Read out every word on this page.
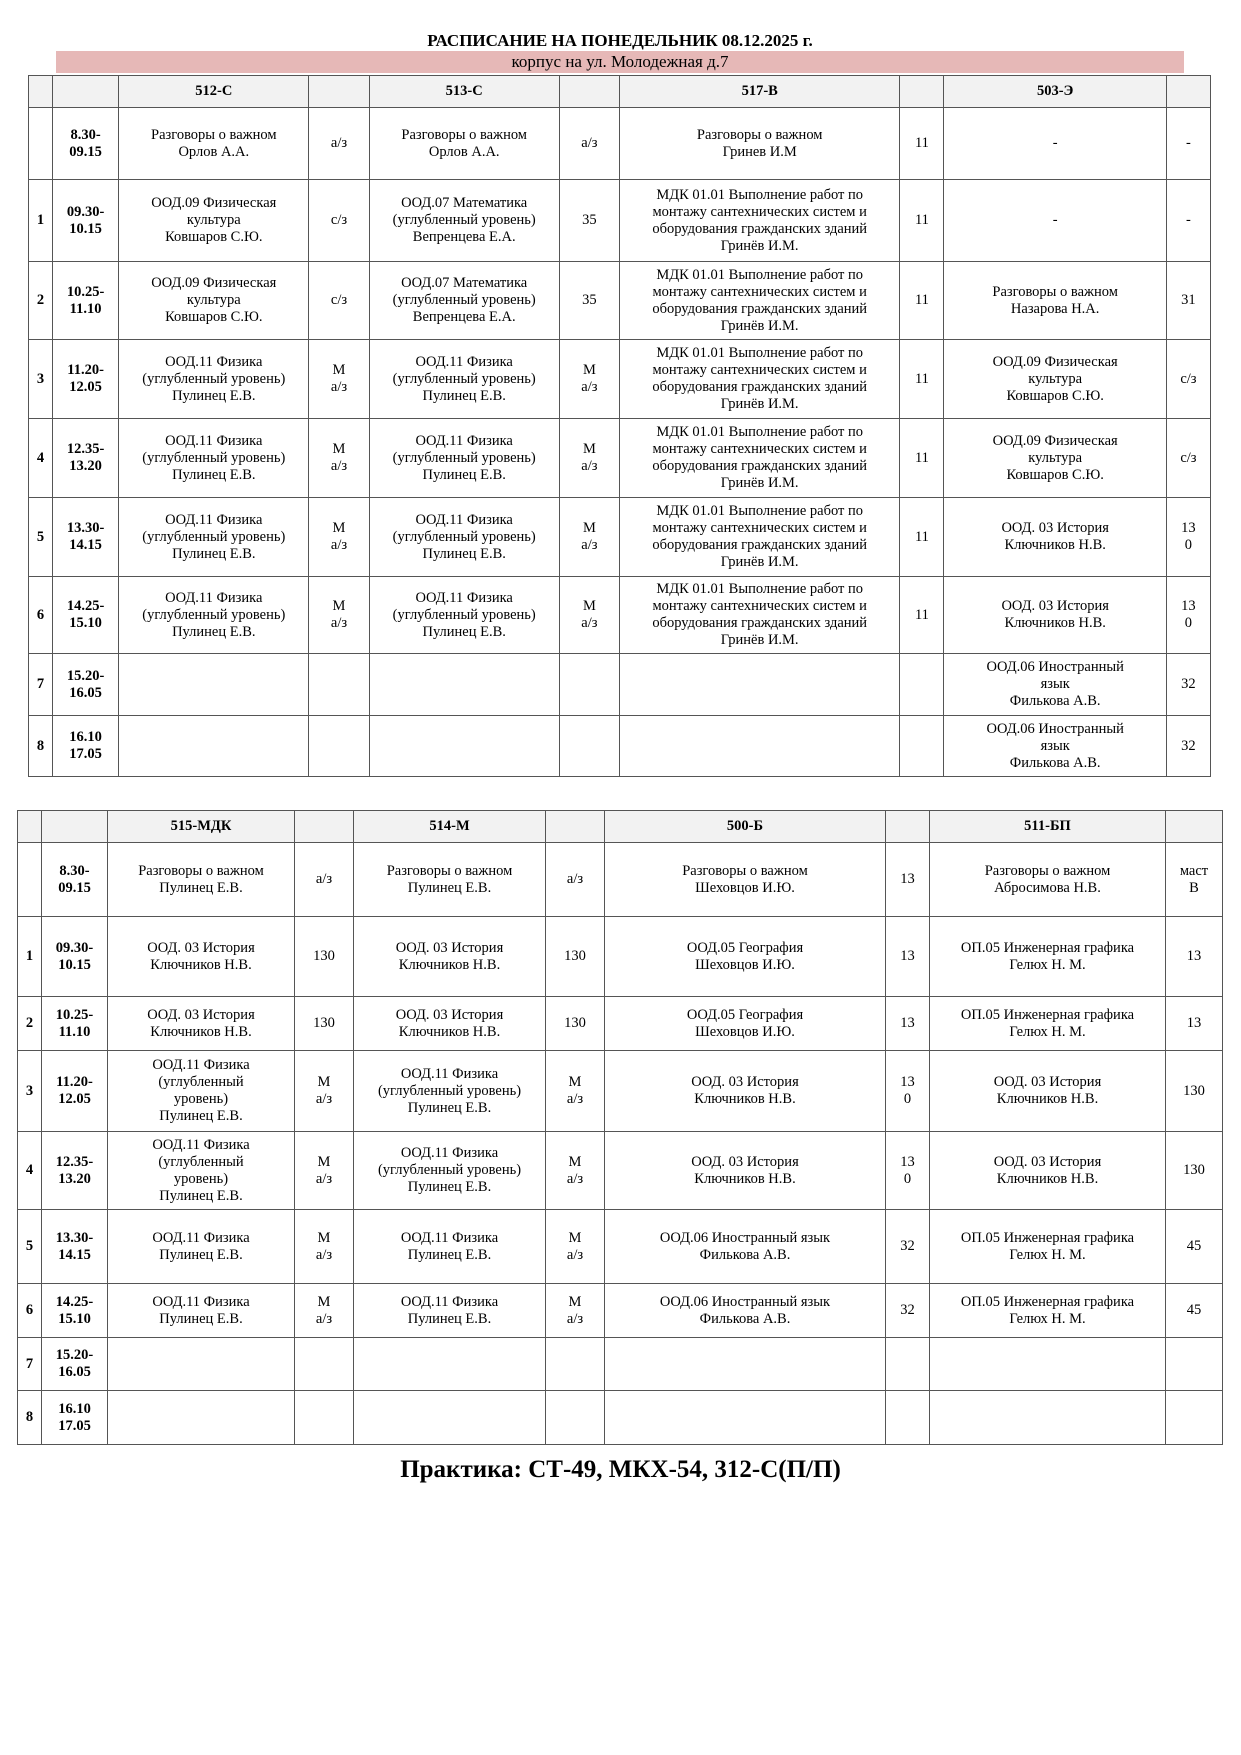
РАСПИСАНИЕ НА ПОНЕДЕЛЬНИК 08.12.2025 г.
корпус на ул. Молодежная д.7
		512-С		513-С		517-В		503-Э	
	8.30-
09.15	Разговоры о важном
Орлов А.А.	а/з	Разговоры о важном
Орлов А.А.	а/з	Разговоры о важном
Гринев И.М	11	-	-
1	09.30-
10.15	ООД.09 Физическая
культура
Ковшаров С.Ю.	с/з	ООД.07 Математика
(углубленный уровень)
Вепренцева Е.А.	35	МДК 01.01 Выполнение работ по
монтажу сантехнических систем и
оборудования гражданских зданий
Гринёв И.М.	11	-	-
2	10.25-
11.10	ООД.09 Физическая
культура
Ковшаров С.Ю.	с/з	ООД.07 Математика
(углубленный уровень)
Вепренцева Е.А.	35	МДК 01.01 Выполнение работ по
монтажу сантехнических систем и
оборудования гражданских зданий
Гринёв И.М.	11	Разговоры о важном
Назарова Н.А.	31
3	11.20-
12.05	ООД.11 Физика
(углубленный уровень)
Пулинец Е.В.	М
а/з	ООД.11 Физика
(углубленный уровень)
Пулинец Е.В.	М
а/з	МДК 01.01 Выполнение работ по
монтажу сантехнических систем и
оборудования гражданских зданий
Гринёв И.М.	11	ООД.09 Физическая
культура
Ковшаров С.Ю.	с/з
4	12.35-
13.20	ООД.11 Физика
(углубленный уровень)
Пулинец Е.В.	М
а/з	ООД.11 Физика
(углубленный уровень)
Пулинец Е.В.	М
а/з	МДК 01.01 Выполнение работ по
монтажу сантехнических систем и
оборудования гражданских зданий
Гринёв И.М.	11	ООД.09 Физическая
культура
Ковшаров С.Ю.	с/з
5	13.30-
14.15	ООД.11 Физика
(углубленный уровень)
Пулинец Е.В.	М
а/з	ООД.11 Физика
(углубленный уровень)
Пулинец Е.В.	М
а/з	МДК 01.01 Выполнение работ по
монтажу сантехнических систем и
оборудования гражданских зданий
Гринёв И.М.	11	ООД. 03 История
Ключников Н.В.	13
0
6	14.25-
15.10	ООД.11 Физика
(углубленный уровень)
Пулинец Е.В.	М
а/з	ООД.11 Физика
(углубленный уровень)
Пулинец Е.В.	М
а/з	МДК 01.01 Выполнение работ по
монтажу сантехнических систем и
оборудования гражданских зданий
Гринёв И.М.	11	ООД. 03 История
Ключников Н.В.	13
0
7	15.20-
16.05							ООД.06 Иностранный
язык
Филькова А.В.	32
8	16.10
17.05							ООД.06 Иностранный
язык
Филькова А.В.	32
		515-МДК		514-М		500-Б		511-БП	
	8.30-
09.15	Разговоры о важном
Пулинец Е.В.	а/з	Разговоры о важном
Пулинец Е.В.	а/з	Разговоры о важном
Шеховцов И.Ю.	13	Разговоры о важном
Абросимова Н.В.	маст
В
1	09.30-
10.15	ООД. 03 История
Ключников Н.В.	130	ООД. 03 История
Ключников Н.В.	130	ООД.05 География
Шеховцов И.Ю.	13	ОП.05 Инженерная графика
Гелюх Н. М.	13
2	10.25-
11.10	ООД. 03 История
Ключников Н.В.	130	ООД. 03 История
Ключников Н.В.	130	ООД.05 География
Шеховцов И.Ю.	13	ОП.05 Инженерная графика
Гелюх Н. М.	13
3	11.20-
12.05	ООД.11 Физика
(углубленный
уровень)
Пулинец Е.В.	М
а/з	ООД.11 Физика
(углубленный уровень)
Пулинец Е.В.	М
а/з	ООД. 03 История
Ключников Н.В.	13
0	ООД. 03 История
Ключников Н.В.	130
4	12.35-
13.20	ООД.11 Физика
(углубленный
уровень)
Пулинец Е.В.	М
а/з	ООД.11 Физика
(углубленный уровень)
Пулинец Е.В.	М
а/з	ООД. 03 История
Ключников Н.В.	13
0	ООД. 03 История
Ключников Н.В.	130
5	13.30-
14.15	ООД.11 Физика
Пулинец Е.В.	М
а/з	ООД.11 Физика
Пулинец Е.В.	М
а/з	ООД.06 Иностранный язык
Филькова А.В.	32	ОП.05 Инженерная графика
Гелюх Н. М.	45
6	14.25-
15.10	ООД.11 Физика
Пулинец Е.В.	М
а/з	ООД.11 Физика
Пулинец Е.В.	М
а/з	ООД.06 Иностранный язык
Филькова А.В.	32	ОП.05 Инженерная графика
Гелюх Н. М.	45
7	15.20-
16.05								
8	16.10
17.05								
Практика: СТ-49, МКХ-54, 312-С(П/П)
